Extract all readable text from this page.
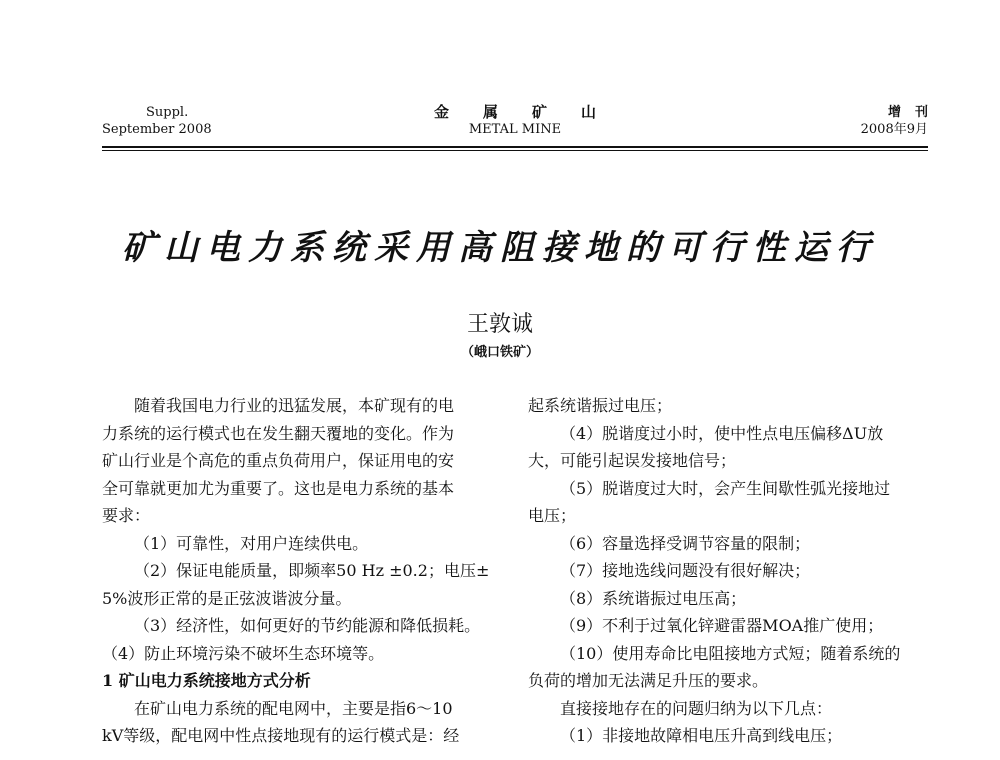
Suppl.
September 2008
金属矿山
METAL MINE
增刊
2008年9月
矿山电力系统采用高阻接地的可行性运行
王敦诚
（峨口铁矿）

随着我国电力行业的迅猛发展，本矿现有的电

力系统的运行模式也在发生翻天覆地的变化。作为

矿山行业是个高危的重点负荷用户，保证用电的安

全可靠就更加尤为重要了。这也是电力系统的基本

要求：

（1）可靠性，对用户连续供电。

（2）保证电能质量，即频率50 Hz ±0.2；电压±

5%波形正常的是正弦波谐波分量。

（3）经济性，如何更好的节约能源和降低损耗。

（4）防止环境污染不破坏生态环境等。

1 矿山电力系统接地方式分析

在矿山电力系统的配电网中，主要是指6～10

kV等级，配电网中性点接地现有的运行模式是：经

起系统谐振过电压；

（4）脱谐度过小时，使中性点电压偏移ΔU放

大，可能引起误发接地信号；

（5）脱谐度过大时，会产生间歇性弧光接地过

电压；

（6）容量选择受调节容量的限制；

（7）接地选线问题没有很好解决；

（8）系统谐振过电压高；

（9）不利于过氧化锌避雷器MOA推广使用；

（10）使用寿命比电阻接地方式短；随着系统的

负荷的增加无法满足升压的要求。

直接接地存在的问题归纳为以下几点：

（1）非接地故障相电压升高到线电压；
